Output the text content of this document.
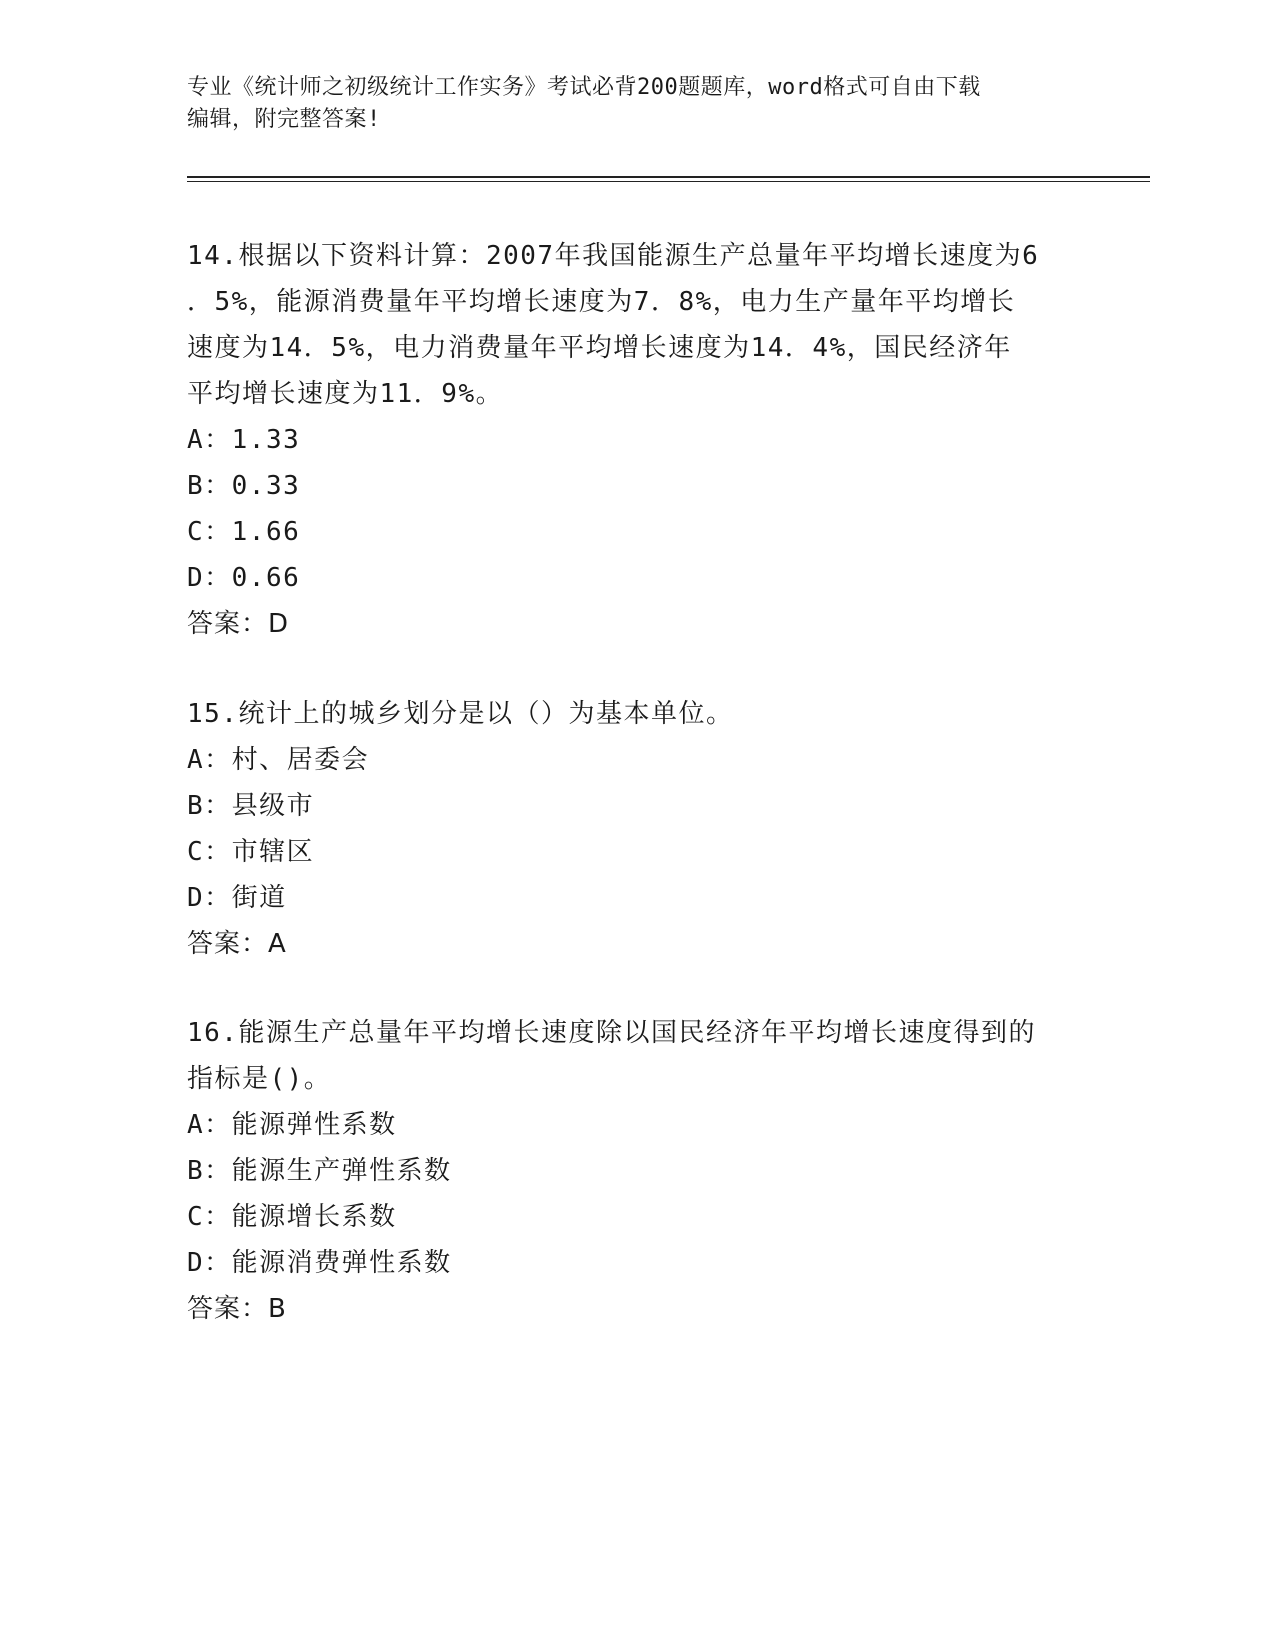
专业《统计师之初级统计工作实务》考试必背200题题库，word格式可自由下载
编辑，附完整答案!

14.根据以下资料计算：2007年我国能源生产总量年平均增长速度为6

．5%，能源消费量年平均增长速度为7．8%，电力生产量年平均增长

速度为14．5%，电力消费量年平均增长速度为14．4%，国民经济年

平均增长速度为11．9%。

A：1.33

B：0.33

C：1.66

D：0.66

答案：D

15.统计上的城乡划分是以（）为基本单位。

A：村、居委会

B：县级市

C：市辖区

D：街道

答案：A

16.能源生产总量年平均增长速度除以国民经济年平均增长速度得到的

指标是()。

A：能源弹性系数

B：能源生产弹性系数

C：能源增长系数

D：能源消费弹性系数

答案：B
